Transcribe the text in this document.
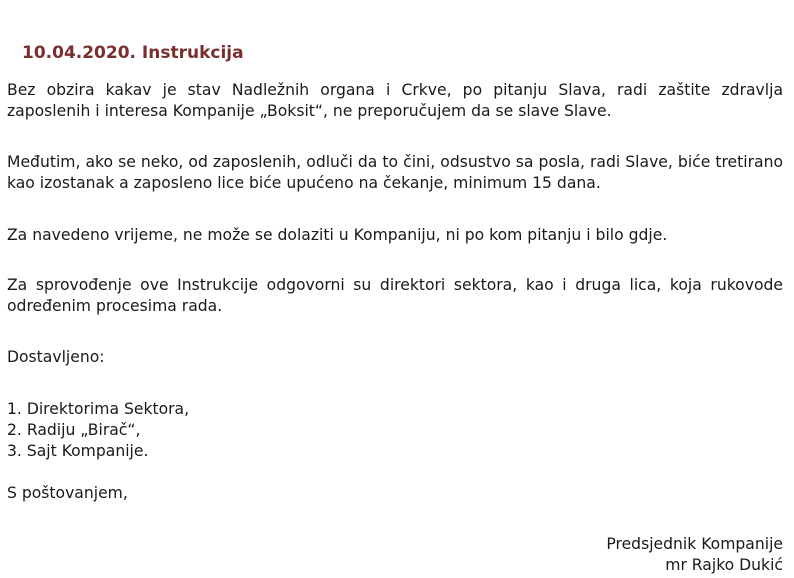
10.04.2020. Instrukcija

Bez obzira kakav je stav Nadležnih organa i Crkve, po pitanju Slava, radi zaštite zdravlja zaposlenih i interesa Kompanije „Boksit“, ne preporučujem da se slave Slave.

Međutim, ako se neko, od zaposlenih, odluči da to čini, odsustvo sa posla, radi Slave, biće tretirano kao izostanak a zaposleno lice biće upućeno na čekanje, minimum 15 dana.

Za navedeno vrijeme, ne može se dolaziti u Kompaniju, ni po kom pitanju i bilo gdje.

Za sprovođenje ove Instrukcije odgovorni su direktori sektora, kao i druga lica, koja rukovode određenim procesima rada.

Dostavljeno:

1. Direktorima Sektora,
2. Radiju „Birač“,
3. Sajt Kompanije.

S poštovanjem,

Predsjednik Kompanije
mr Rajko Dukić
